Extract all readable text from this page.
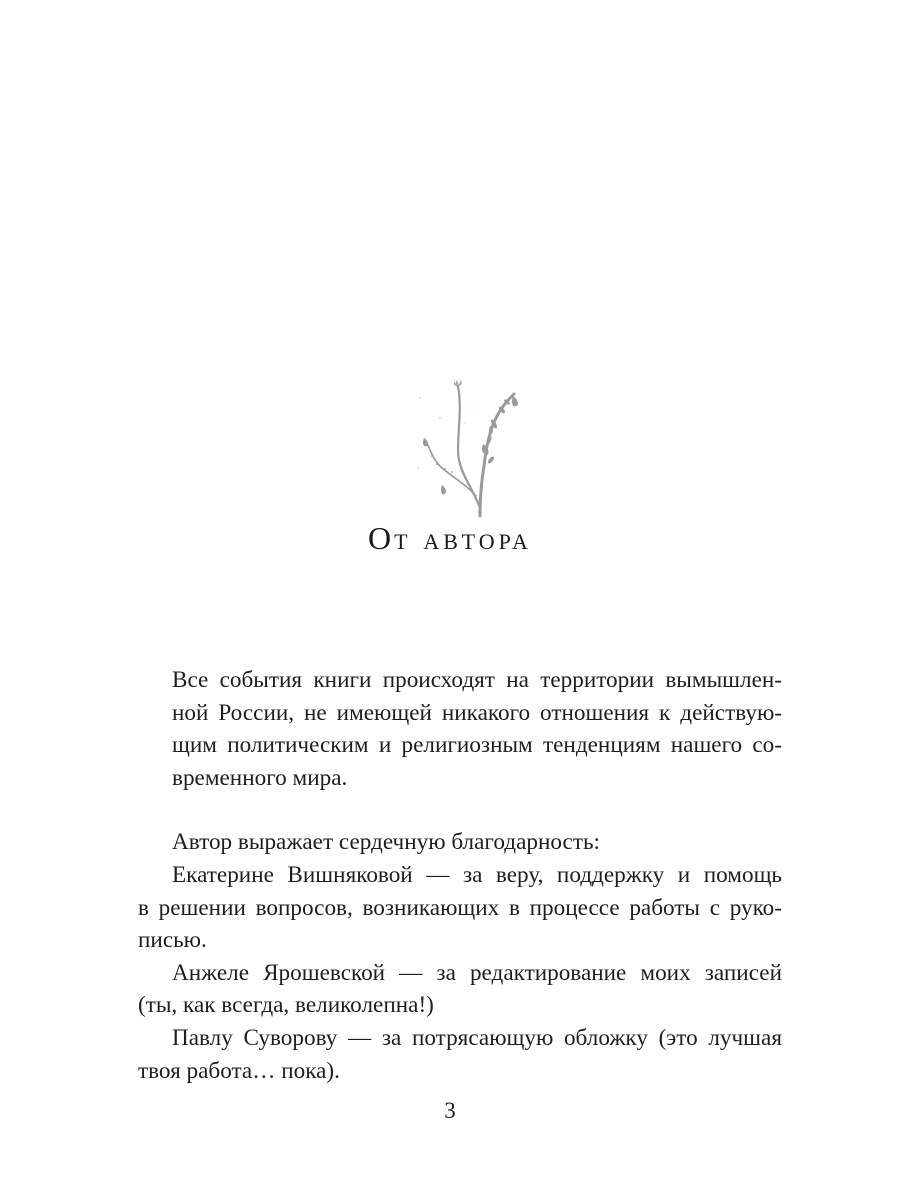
От автора

Все события книги происходят на территории вымышлен-
ной России, не имеющей никакого отношения к действую-
щим политическим и религиозным тенденциям нашего со-
временного мира.

Автор выражает сердечную благодарность:

Екатерине Вишняковой — за веру, поддержку и помощь
в решении вопросов, возникающих в процессе работы с руко-
писью.

Анжеле Ярошевской — за редактирование моих записей
(ты, как всегда, великолепна!)

Павлу Суворову — за потрясающую обложку (это лучшая
твоя работа… пока).

3
